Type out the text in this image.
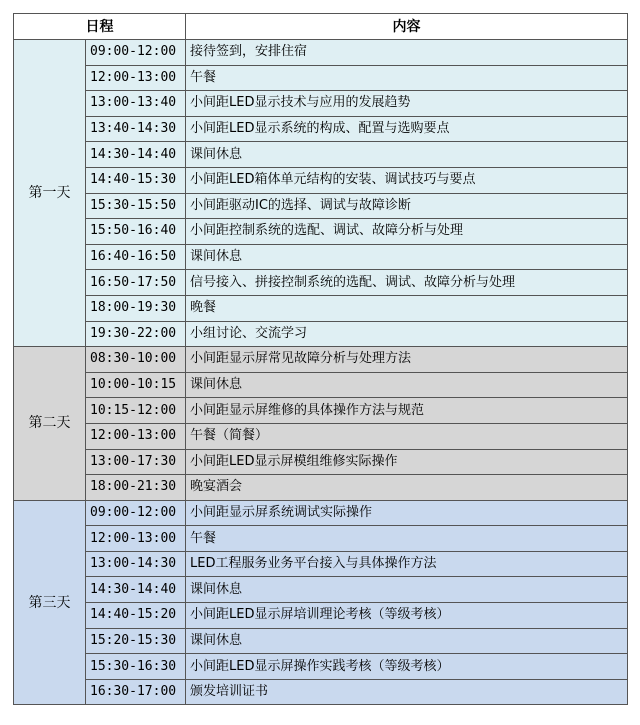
日程		内容
第一天	09:00-12:00	接待签到，安排住宿
	12:00-13:00	午餐
	13:00-13:40	小间距LED显示技术与应用的发展趋势
	13:40-14:30	小间距LED显示系统的构成、配置与选购要点
	14:30-14:40	课间休息
	14:40-15:30	小间距LED箱体单元结构的安装、调试技巧与要点
	15:30-15:50	小间距驱动IC的选择、调试与故障诊断
	15:50-16:40	小间距控制系统的选配、调试、故障分析与处理
	16:40-16:50	课间休息
	16:50-17:50	信号接入、拼接控制系统的选配、调试、故障分析与处理
	18:00-19:30	晚餐
	19:30-22:00	小组讨论、交流学习
第二天	08:30-10:00	小间距显示屏常见故障分析与处理方法
	10:00-10:15	课间休息
	10:15-12:00	小间距显示屏维修的具体操作方法与规范
	12:00-13:00	午餐（简餐）
	13:00-17:30	小间距LED显示屏模组维修实际操作
	18:00-21:30	晚宴酒会
第三天	09:00-12:00	小间距显示屏系统调试实际操作
	12:00-13:00	午餐
	13:00-14:30	LED工程服务业务平台接入与具体操作方法
	14:30-14:40	课间休息
	14:40-15:20	小间距LED显示屏培训理论考核（等级考核）
	15:20-15:30	课间休息
	15:30-16:30	小间距LED显示屏操作实践考核（等级考核）
	16:30-17:00	颁发培训证书
